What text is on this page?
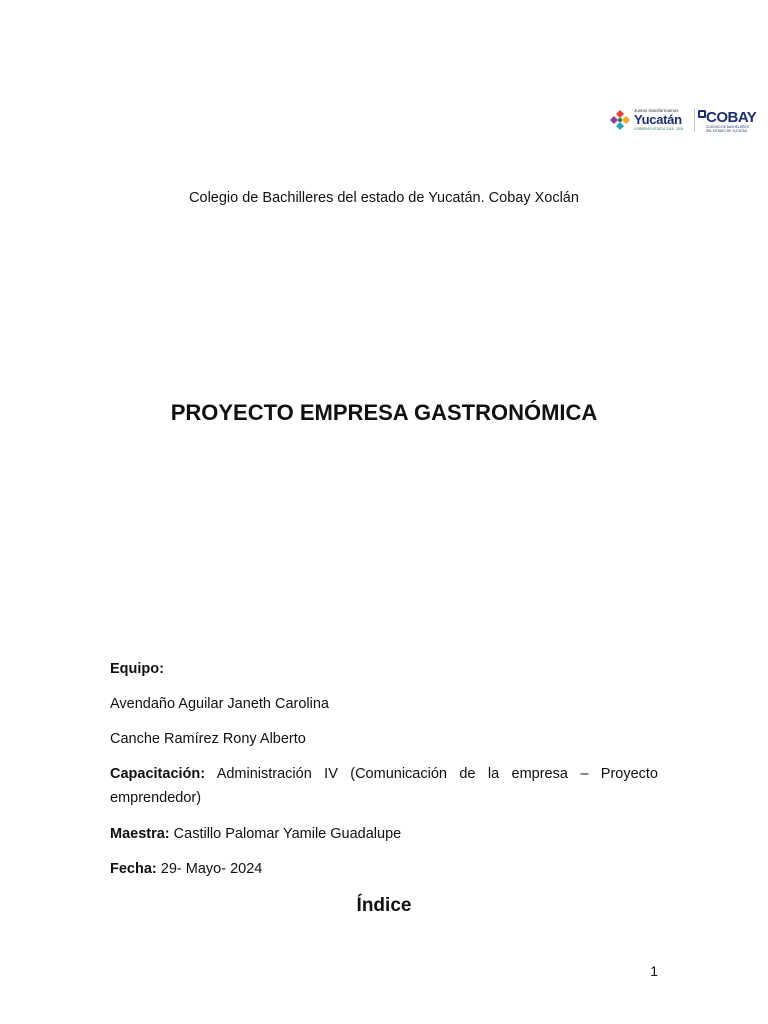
Juntos transformamos
Yucatán
GOBIERNO ESTATAL 2018 - 2024
COBAY
COLEGIO DE BACHILLERES
DEL ESTADO DE YUCATÁN
Colegio de Bachilleres del estado de Yucatán. Cobay Xoclán
PROYECTO EMPRESA GASTRONÓMICA
Equipo:
Avendaño Aguilar Janeth Carolina
Canche Ramírez Rony Alberto
Capacitación: Administración IV (Comunicación de la empresa – Proyecto emprendedor)
Maestra: Castillo Palomar Yamile Guadalupe
Fecha: 29- Mayo- 2024
Índice
1
